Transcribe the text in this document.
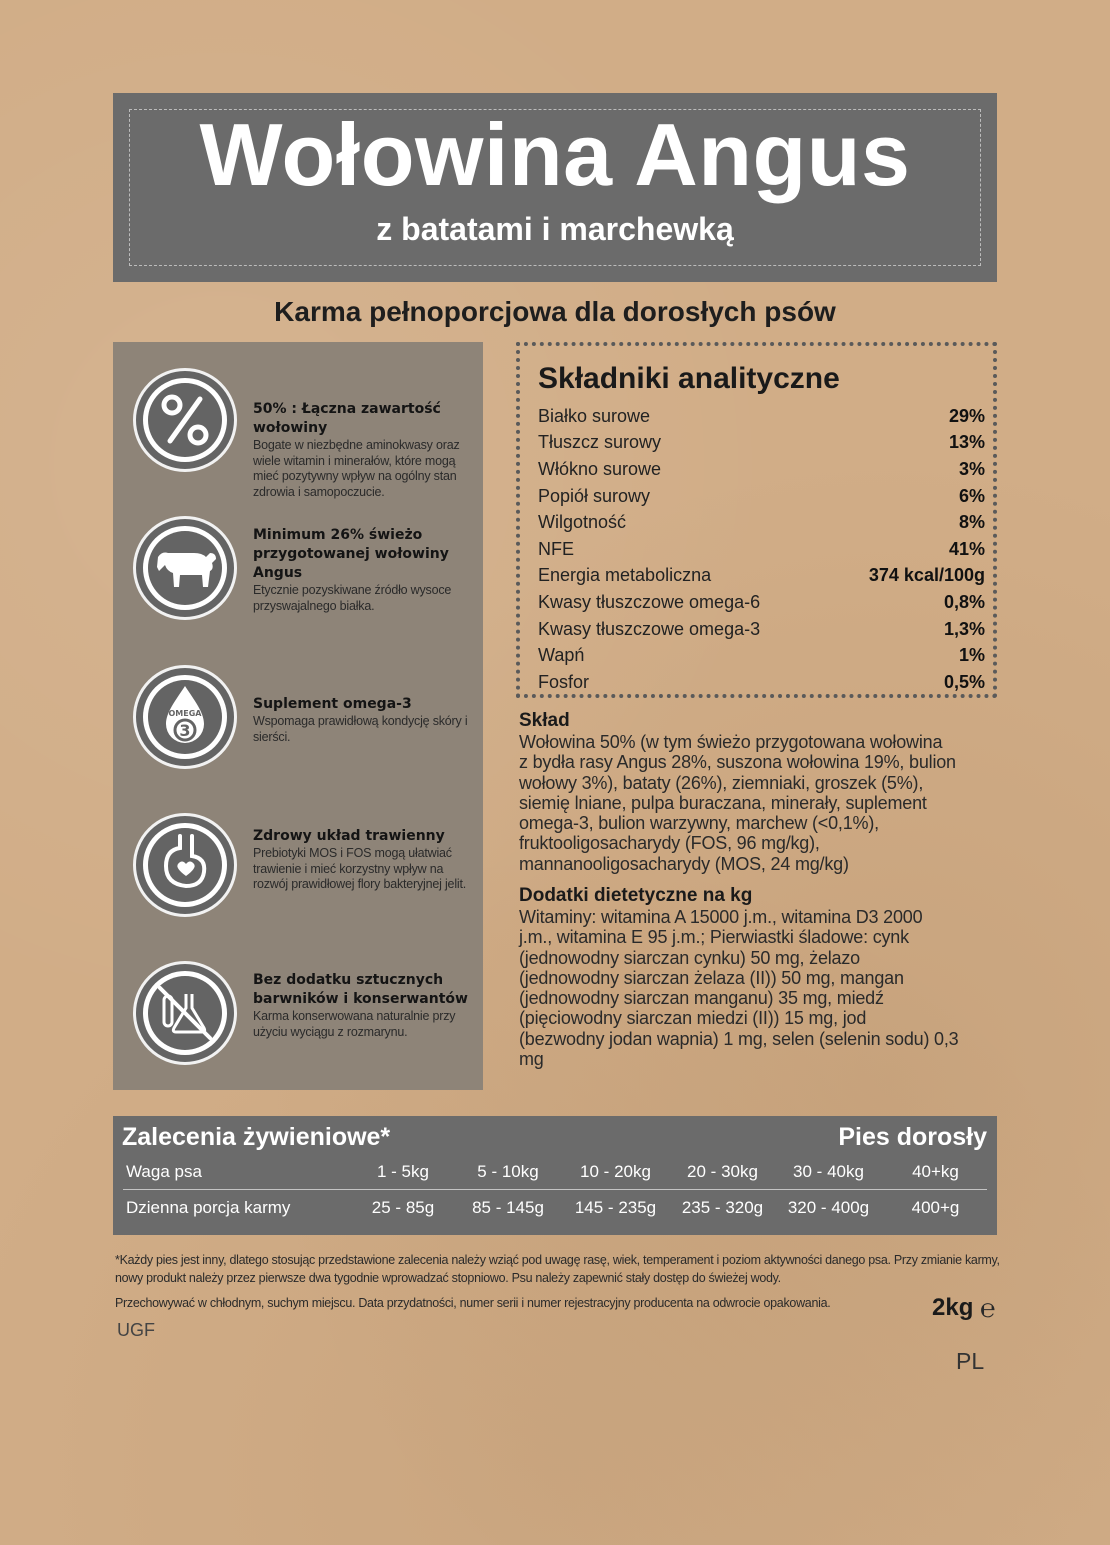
Wołowina Angus
z batatami i marchewką
Karma pełnoporcjowa dla dorosłych psów
50% : Łączna zawartość wołowiny
Bogate w niezbędne aminokwasy oraz wiele witamin i minerałów, które mogą mieć pozytywny wpływ na ogólny stan zdrowia i samopoczucie.
Minimum 26% świeżo przygotowanej wołowiny Angus
Etycznie pozyskiwane źródło wysoce przyswajalnego białka.
OMEGA
3
Suplement omega-3
Wspomaga prawidłową kondycję skóry i sierści.
Zdrowy układ trawienny
Prebiotyki MOS i FOS mogą ułatwiać trawienie i mieć korzystny wpływ na rozwój prawidłowej flory bakteryjnej jelit.
Bez dodatku sztucznych barwników i konserwantów
Karma konserwowana naturalnie przy użyciu wyciągu z rozmarynu.
Składniki analityczne
Białko surowe	29%
Tłuszcz surowy	13%
Włókno surowe	3%
Popiół surowy	6%
Wilgotność	8%
NFE	41%
Energia metaboliczna	374 kcal/100g
Kwasy tłuszczowe omega-6	0,8%
Kwasy tłuszczowe omega-3	1,3%
Wapń	1%
Fosfor	0,5%
Skład

Wołowina 50% (w tym świeżo przygotowana wołowina

z bydła rasy Angus 28%, suszona wołowina 19%, bulion

wołowy 3%), bataty (26%), ziemniaki, groszek (5%),

siemię lniane, pulpa buraczana, minerały, suplement

omega-3, bulion warzywny, marchew (<0,1%),

fruktooligosacharydy (FOS, 96 mg/kg),

mannanooligosacharydy (MOS, 24 mg/kg)

Dodatki dietetyczne na kg

Witaminy: witamina A 15000 j.m., witamina D3 2000

j.m., witamina E 95 j.m.; Pierwiastki śladowe: cynk

(jednowodny siarczan cynku) 50 mg, żelazo

(jednowodny siarczan żelaza (II)) 50 mg, mangan

(jednowodny siarczan manganu) 35 mg, miedź

(pięciowodny siarczan miedzi (II)) 15 mg, jod

(bezwodny jodan wapnia) 1 mg, selen (selenin sodu) 0,3

mg

Zalecenia żywieniowe*	Pies dorosły
Waga psa	1 - 5kg	5 - 10kg	10 - 20kg	20 - 30kg	30 - 40kg	40+kg
Dzienna porcja karmy	25 - 85g	85 - 145g	145 - 235g	235 - 320g	320 - 400g	400+g
*Każdy pies jest inny, dlatego stosując przedstawione zalecenia należy wziąć pod uwagę rasę, wiek, temperament i poziom aktywności danego psa. Przy zmianie karmy, nowy produkt należy przez pierwsze dwa tygodnie wprowadzać stopniowo. Psu należy zapewnić stały dostęp do świeżej wody.
Przechowywać w chłodnym, suchym miejscu. Data przydatności, numer serii i numer rejestracyjny producenta na odwrocie opakowania.	2kg ℮
UGF
PL
